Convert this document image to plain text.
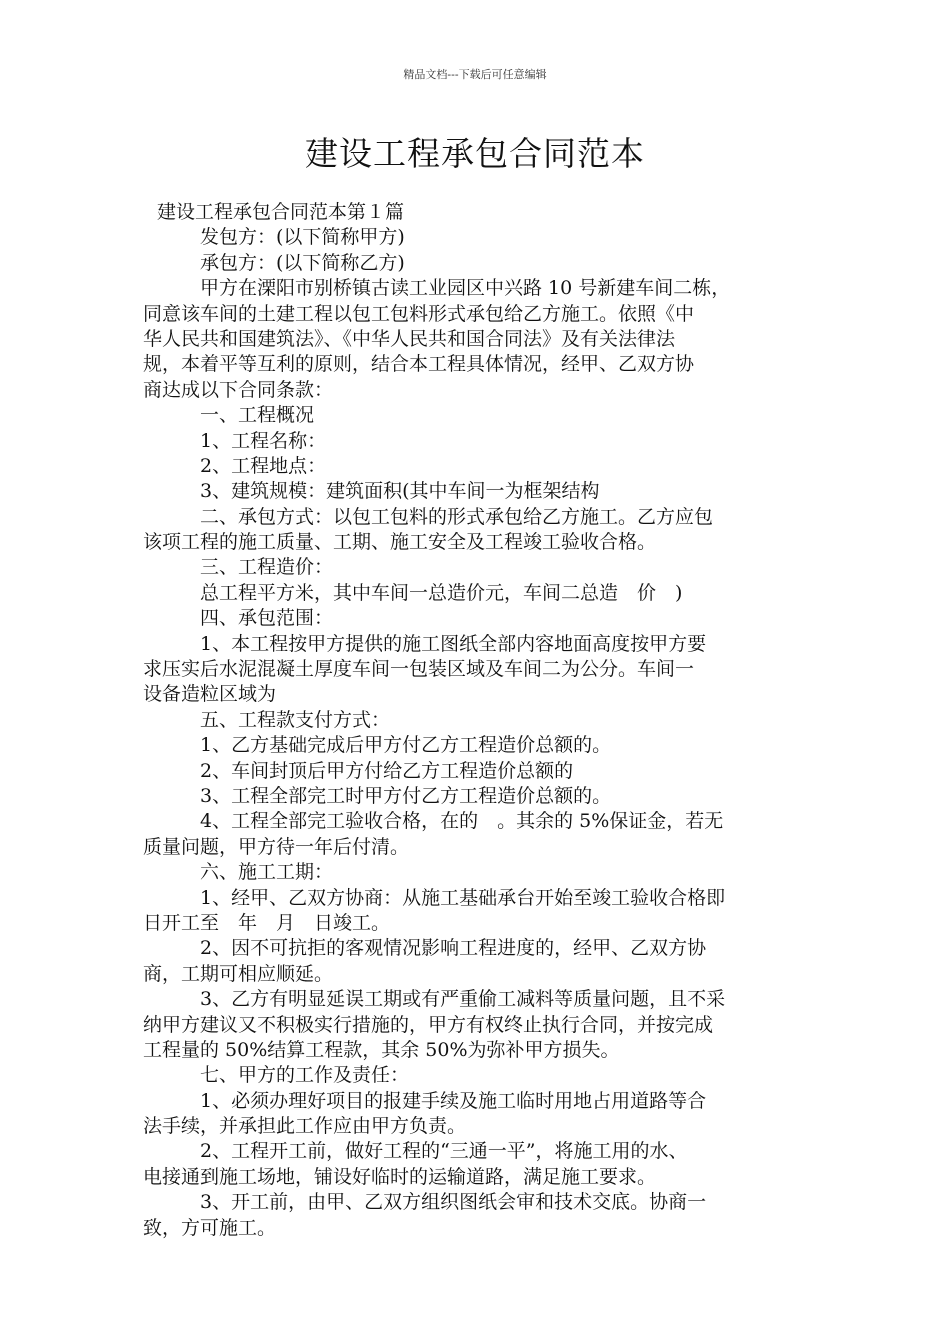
精品文档---下载后可任意编辑
建设工程承包合同范本
建设工程承包合同范本第１篇
发包方：(以下简称甲方)
承包方：(以下简称乙方)
甲方在溧阳市别桥镇古读工业园区中兴路 10 号新建车间二栋，
同意该车间的土建工程以包工包料形式承包给乙方施工。依照《中
华人民共和国建筑法》、《中华人民共和国合同法》及有关法律法
规，本着平等互利的原则，结合本工程具体情况，经甲、乙双方协
商达成以下合同条款：
一、工程概况
1、工程名称：
2、工程地点：
3、建筑规模：建筑面积(其中车间一为框架结构
二、承包方式：以包工包料的形式承包给乙方施工。乙方应包
该项工程的施工质量、工期、施工安全及工程竣工验收合格。
三、工程造价：
总工程平方米，其中车间一总造价元，车间二总造　价　)
四、承包范围：
1、本工程按甲方提供的施工图纸全部内容地面高度按甲方要
求压实后水泥混凝土厚度车间一包装区域及车间二为公分。车间一
设备造粒区域为
五、工程款支付方式：
1、乙方基础完成后甲方付乙方工程造价总额的。
2、车间封顶后甲方付给乙方工程造价总额的
3、工程全部完工时甲方付乙方工程造价总额的。
4、工程全部完工验收合格，在的　。其余的 5%保证金，若无
质量问题，甲方待一年后付清。
六、施工工期：
1、经甲、乙双方协商：从施工基础承台开始至竣工验收合格即
日开工至　年　月　日竣工。
2、因不可抗拒的客观情况影响工程进度的，经甲、乙双方协
商，工期可相应顺延。
3、乙方有明显延误工期或有严重偷工减料等质量问题，且不采
纳甲方建议又不积极实行措施的，甲方有权终止执行合同，并按完成
工程量的 50%结算工程款，其余 50%为弥补甲方损失。
七、甲方的工作及责任：
1、必须办理好项目的报建手续及施工临时用地占用道路等合
法手续，并承担此工作应由甲方负责。
2、工程开工前，做好工程的“三通一平”，将施工用的水、
电接通到施工场地，铺设好临时的运输道路，满足施工要求。
3、开工前，由甲、乙双方组织图纸会审和技术交底。协商一
致，方可施工。
